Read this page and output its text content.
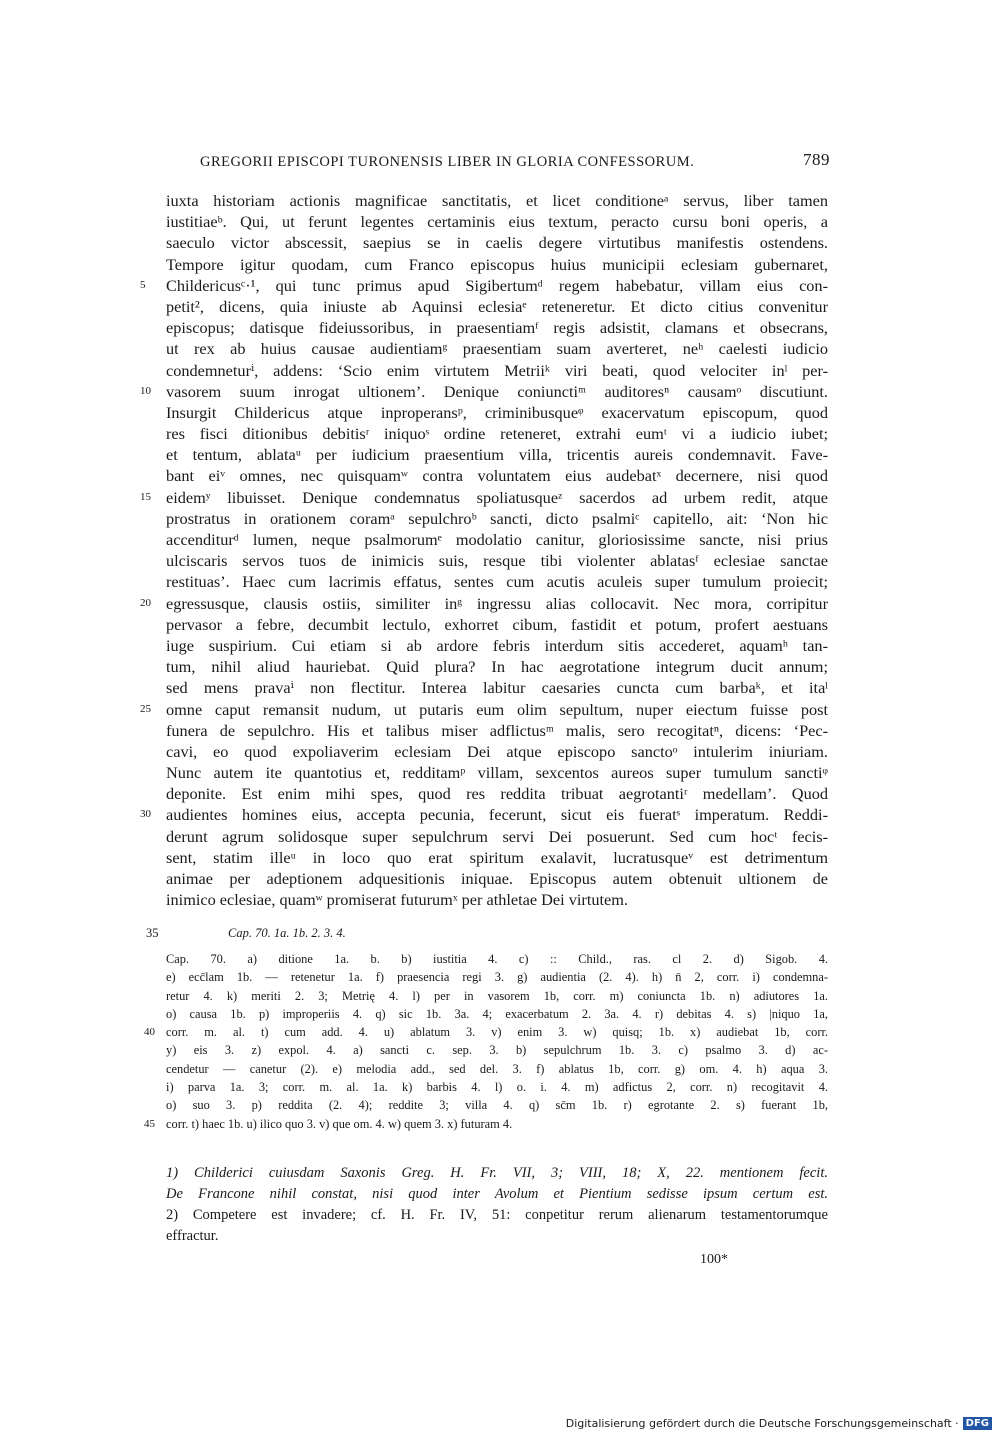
GREGORII EPISCOPI TURONENSIS LIBER IN GLORIA CONFESSORUM.	789
iuxta historiam actionis magnificae sanctitatis, et licet conditioneᵃ servus, liber tamen
iustitiaeᵇ. Qui, ut ferunt legentes certaminis eius textum, peracto cursu boni operis, a
saeculo victor abscessit, saepius se in caelis degere virtutibus manifestis ostendens.
Tempore igitur quodam, cum Franco episcopus huius municipii eclesiam gubernaret,
5	Childericusᶜ·¹, qui tunc primus apud Sigibertumᵈ regem habebatur, villam eius con-
petit², dicens, quia iniuste ab Aquinsi eclesiaᵉ reteneretur. Et dicto citius convenitur
episcopus; datisque fideiussoribus, in praesentiamᶠ regis adsistit, clamans et obsecrans,
ut rex ab huius causae audientiamᵍ praesentiam suam averteret, neʰ caelesti iudicio
condemneturⁱ, addens: ‘Scio enim virtutem Metriiᵏ viri beati, quod velociter inˡ per-
10 vasorem suum inrogat ultionem’. Denique coniunctiᵐ auditoresⁿ causamᵒ discutiunt.
Insurgit Childericus atque inproperansᵖ, criminibusqueᵠ exacervatum episcopum, quod
res fisci ditionibus debitisʳ iniquoˢ ordine reteneret, extrahi eumᵗ vi a iudicio iubet;
et tentum, ablataᵘ per iudicium praesentium villa, tricentis aureis condemnavit. Fave-
bant eiᵛ omnes, nec quisquamʷ contra voluntatem eius audebatˣ decernere, nisi quod
15 eidemʸ libuisset. Denique condemnatus spoliatusqueᶻ sacerdos ad urbem redit, atque
prostratus in orationem coramᵃ sepulchroᵇ sancti, dicto psalmiᶜ capitello, ait: ‘Non hic
accenditurᵈ lumen, neque psalmorumᵉ modolatio canitur, gloriosissime sancte, nisi prius
ulciscaris servos tuos de inimicis suis, resque tibi violenter ablatasᶠ eclesiae sanctae
restituas’. Haec cum lacrimis effatus, sentes cum acutis aculeis super tumulum proiecit;
20 egressusque, clausis ostiis, similiter inᵍ ingressu alias collocavit. Nec mora, corripitur
pervasor a febre, decumbit lectulo, exhorret cibum, fastidit et potum, profert aestuans
iuge suspirium. Cui etiam si ab ardore febris interdum sitis accederet, aquamʰ tan-
tum, nihil aliud hauriebat. Quid plura? In hac aegrotatione integrum ducit annum;
sed mens pravaⁱ non flectitur. Interea labitur caesaries cuncta cum barbaᵏ, et itaˡ
25 omne caput remansit nudum, ut putaris eum olim sepultum, nuper eiectum fuisse post
funera de sepulchro. His et talibus miser adflictusᵐ malis, sero recogitatⁿ, dicens: ‘Pec-
cavi, eo quod expoliaverim eclesiam Dei atque episcopo sanctoᵒ intulerim iniuriam.
Nunc autem ite quantotius et, redditamᵖ villam, sexcentos aureos super tumulum sanctiᵠ
deponite. Est enim mihi spes, quod res reddita tribuat aegrotantiʳ medellam’. Quod
30 audientes homines eius, accepta pecunia, fecerunt, sicut eis fueratˢ imperatum. Reddi-
derunt agrum solidosque super sepulchrum servi Dei posuerunt. Sed cum hocᵗ fecis-
sent, statim illeᵘ in loco quo erat spiritum exalavit, lucratusqueᵛ est detrimentum
animae per adeptionem adquesitionis iniquae. Episcopus autem obtenuit ultionem de
inimico eclesiae, quamʷ promiserat futurumˣ per athletae Dei virtutem.
35	Cap. 70. 1a. 1b. 2. 3. 4.
Cap. 70. a) ditione 1a. b. b) iustitia 4. c) :: Child., ras. cl 2. d) Sigob. 4.
e) ecc̄lam 1b. — retenetur 1a. f) praesencia regi 3. g) audientia (2. 4). h) n̄ 2, corr. i) condemna-
retur 4. k) meriti 2. 3; Metrię 4. l) per in vasorem 1b, corr. m) coniuncta 1b. n) adiutores 1a.
o) causa 1b. p) improperiis 4. q) sic 1b. 3a. 4; exacerbatum 2. 3a. 4. r) debitas 4. s) |niquo 1a,
40 corr. m. al. t) cum add. 4. u) ablatum 3. v) enim 3. w) quisq; 1b. x) audiebat 1b, corr.
y) eis 3. z) expol. 4. a) sancti c. sep. 3. b) sepulchrum 1b. 3. c) psalmo 3. d) ac-
cendetur — canetur (2). e) melodia add., sed del. 3. f) ablatus 1b, corr. g) om. 4. h) aqua 3.
i) parva 1a. 3; corr. m. al. 1a. k) barbis 4. l) o. i. 4. m) adfictus 2, corr. n) recogitavit 4.
o) suo 3. p) reddita (2. 4); reddite 3; villa 4. q) sc̄m 1b. r) egrotante 2. s) fuerant 1b,
45 corr. t) haec 1b. u) ilico quo 3. v) que om. 4. w) quem 3. x) futuram 4.
1) Childerici cuiusdam Saxonis Greg. H. Fr. VII, 3; VIII, 18; X, 22. mentionem fecit.
De Francone nihil constat, nisi quod inter Avolum et Pientium sedisse ipsum certum est.
2) Competere est invadere; cf. H. Fr. IV, 51: conpetitur rerum alienarum testamentorumque
effractur.
100*
Digitalisierung gefördert durch die Deutsche Forschungsgemeinschaft · DFG
